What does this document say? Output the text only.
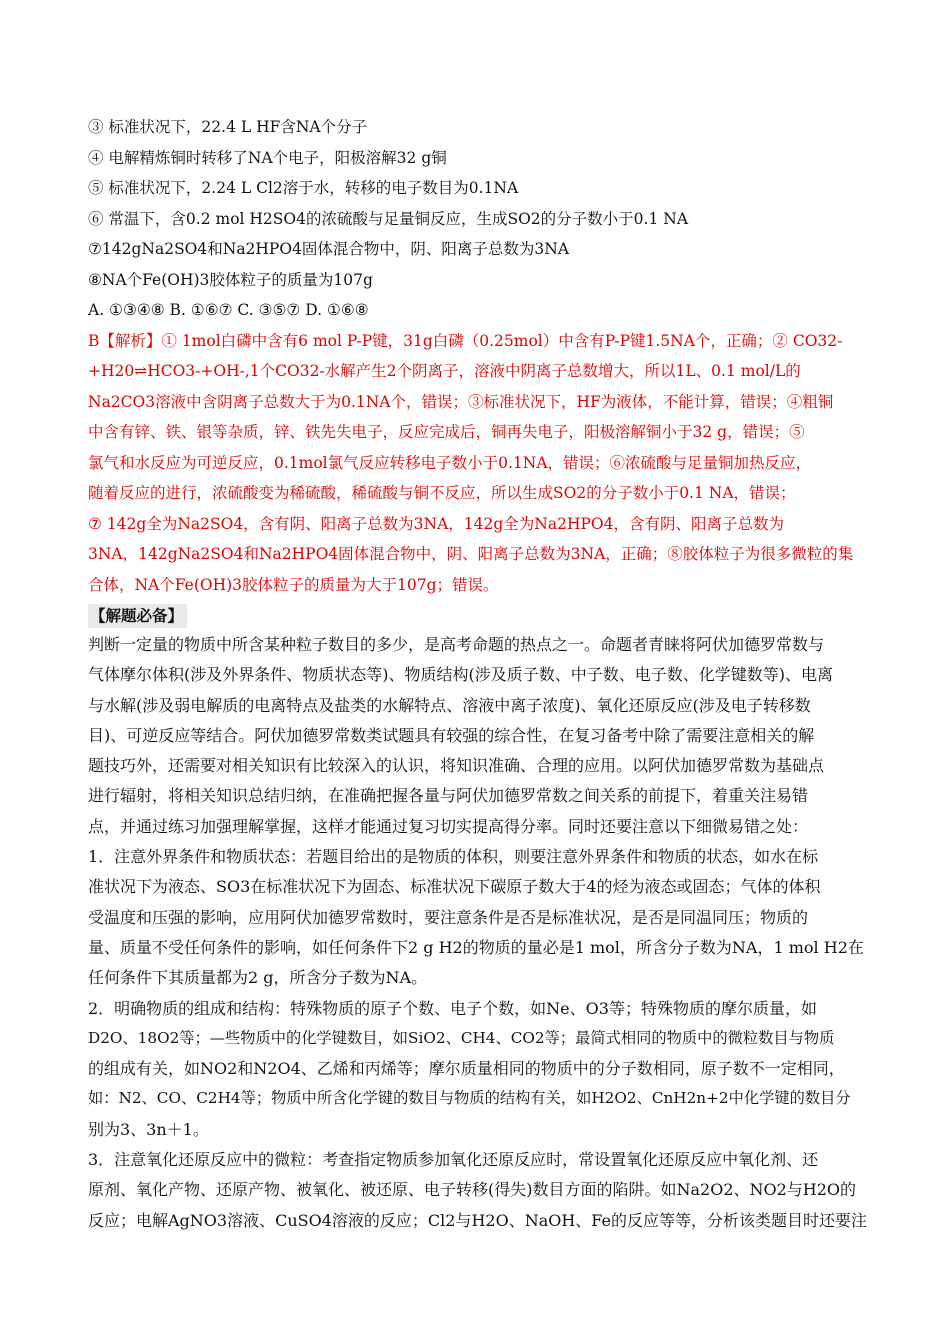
③ 标准状况下，22.4 L HF含NA个分子
④ 电解精炼铜时转移了NA个电子，阳极溶解32 g铜
⑤ 标准状况下，2.24 L Cl2溶于水，转移的电子数目为0.1NA
⑥ 常温下，含0.2 mol H2SO4的浓硫酸与足量铜反应，生成SO2的分子数小于0.1 NA
⑦142gNa2SO4和Na2HPO4固体混合物中，阴、阳离子总数为3NA
⑧NA个Fe(OH)3胶体粒子的质量为107g
A. ①③④⑧ B. ①⑥⑦ C. ③⑤⑦ D. ①⑥⑧
B【解析】① 1mol白磷中含有6 mol P-P键，31g白磷（0.25mol）中含有P-P键1.5NA个，正确；② CO32-
+H20⇌HCO3-+OH-,1个CO32-水解产生2个阴离子，溶液中阴离子总数增大，所以1L、0.1 mol/L的
Na2CO3溶液中含阴离子总数大于为0.1NA个，错误；③标准状况下，HF为液体，不能计算，错误；④粗铜
中含有锌、铁、银等杂质，锌、铁先失电子，反应完成后，铜再失电子，阳极溶解铜小于32 g，错误；⑤
氯气和水反应为可逆反应，0.1mol氯气反应转移电子数小于0.1NA，错误；⑥浓硫酸与足量铜加热反应，
随着反应的进行，浓硫酸变为稀硫酸，稀硫酸与铜不反应，所以生成SO2的分子数小于0.1 NA，错误；
⑦ 142g全为Na2SO4，含有阴、阳离子总数为3NA，142g全为Na2HPO4，含有阴、阳离子总数为
3NA，142gNa2SO4和Na2HPO4固体混合物中，阴、阳离子总数为3NA，正确；⑧胶体粒子为很多微粒的集
合体，NA个Fe(OH)3胶体粒子的质量为大于107g；错误。
【解题必备】
判断一定量的物质中所含某种粒子数目的多少，是高考命题的热点之一。命题者青睐将阿伏加德罗常数与
气体摩尔体积(涉及外界条件、物质状态等)、物质结构(涉及质子数、中子数、电子数、化学键数等)、电离
与水解(涉及弱电解质的电离特点及盐类的水解特点、溶液中离子浓度)、氧化还原反应(涉及电子转移数
目)、可逆反应等结合。阿伏加德罗常数类试题具有较强的综合性，在复习备考中除了需要注意相关的解
题技巧外，还需要对相关知识有比较深入的认识，将知识准确、合理的应用。以阿伏加德罗常数为基础点
进行辐射，将相关知识总结归纳，在准确把握各量与阿伏加德罗常数之间关系的前提下，着重关注易错
点，并通过练习加强理解掌握，这样才能通过复习切实提高得分率。同时还要注意以下细微易错之处：
1．注意外界条件和物质状态：若题目给出的是物质的体积，则要注意外界条件和物质的状态，如水在标
准状况下为液态、SO3在标准状况下为固态、标准状况下碳原子数大于4的烃为液态或固态；气体的体积
受温度和压强的影响，应用阿伏加德罗常数时，要注意条件是否是标准状况，是否是同温同压；物质的
量、质量不受任何条件的影响，如任何条件下2 g H2的物质的量必是1 mol，所含分子数为NA，1 mol H2在
任何条件下其质量都为2 g，所含分子数为NA。
2．明确物质的组成和结构：特殊物质的原子个数、电子个数，如Ne、O3等；特殊物质的摩尔质量，如
D2O、18O2等；—些物质中的化学键数目，如SiO2、CH4、CO2等；最简式相同的物质中的微粒数目与物质
的组成有关，如NO2和N2O4、乙烯和丙烯等；摩尔质量相同的物质中的分子数相同，原子数不一定相同，
如：N2、CO、C2H4等；物质中所含化学键的数目与物质的结构有关，如H2O2、CnH2n+2中化学键的数目分
别为3、3n＋1。
3．注意氧化还原反应中的微粒：考查指定物质参加氧化还原反应时，常设置氧化还原反应中氧化剂、还
原剂、氧化产物、还原产物、被氧化、被还原、电子转移(得失)数目方面的陷阱。如Na2O2、NO2与H2O的
反应；电解AgNO3溶液、CuSO4溶液的反应；Cl2与H2O、NaOH、Fe的反应等等，分析该类题目时还要注
